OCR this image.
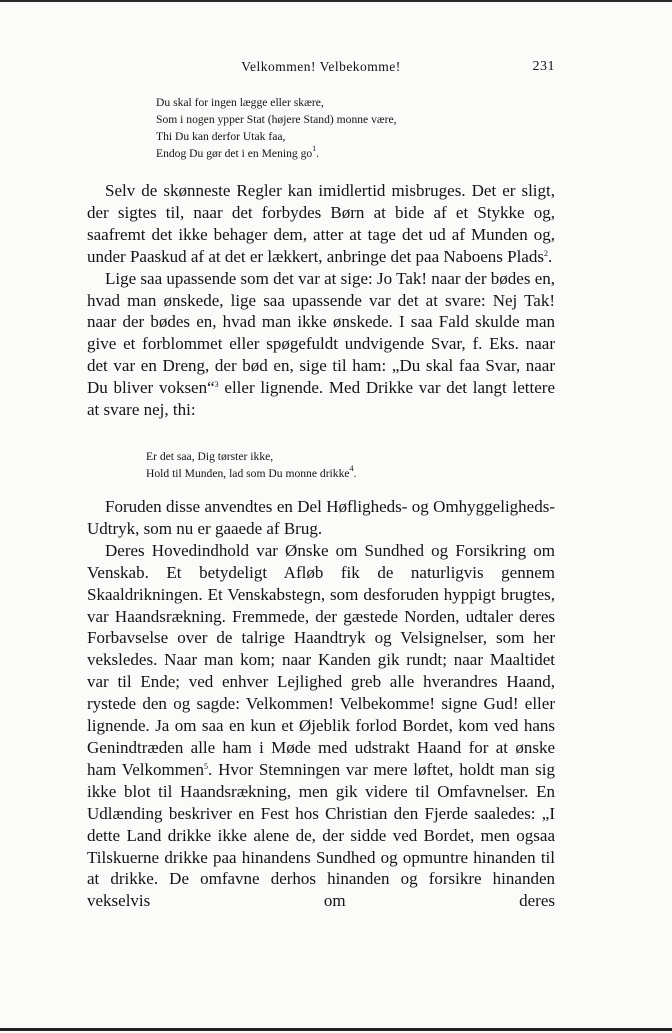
Velkommen! Velbekomme!	231
Du skal for ingen lægge eller skære,
Som i nogen ypper Stat (højere Stand) monne være,
Thi Du kan derfor Utak faa,
Endog Du gør det i en Mening $go^1$.

Selv de skønneste Regler kan imidlertid misbruges. Det er sligt, der sigtes til, naar det forbydes Børn at bide af et Stykke og, saafremt det ikke behager dem, atter at tage det ud af Munden og, under Paaskud af at det er lækkert, anbringe det paa Naboens Plads$^2$.

Lige saa upassende som det var at sige: Jo Tak! naar der bødes en, hvad man ønskede, lige saa upassende var det at svare: Nej Tak! naar der bødes en, hvad man ikke ønskede. I saa Fald skulde man give et forblommet eller spøgefuldt undvigende Svar, f. Eks. naar det var en Dreng, der bød en, sige til ham: „Du skal faa Svar, naar Du bliver voksen“$^3$ eller lignende. Med Drikke var det langt lettere at svare nej, thi:

Er det saa, Dig tørster ikke,
Hold til Munden, lad som Du monne drikke$^4$.

Foruden disse anvendtes en Del Høfligheds- og Omhyggeligheds-Udtryk, som nu er gaaede af Brug.

Deres Hovedindhold var Ønske om Sundhed og Forsikring om Venskab. Et betydeligt Afløb fik de naturligvis gennem Skaaldrikningen. Et Venskabstegn, som desforuden hyppigt brugtes, var Haandsrækning. Fremmede, der gæstede Norden, udtaler deres Forbavselse over de talrige Haandtryk og Velsignelser, som her veksledes. Naar man kom; naar Kanden gik rundt; naar Maaltidet var til Ende; ved enhver Lejlighed greb alle hverandres Haand, rystede den og sagde: Velkommen! Velbekomme! signe Gud! eller lignende. Ja om saa en kun et Øjeblik forlod Bordet, kom ved hans Genindtræden alle ham i Møde med udstrakt Haand for at ønske ham Velkommen$^5$. Hvor Stemningen var mere løftet, holdt man sig ikke blot til Haandsrækning, men gik videre til Omfavnelser. En Udlænding beskriver en Fest hos Christian den Fjerde saaledes: „I dette Land drikke ikke alene de, der sidde ved Bordet, men ogsaa Tilskuerne drikke paa hinandens Sundhed og opmuntre hinanden til at drikke. De omfavne derhos hinanden og forsikre hinanden vekselvis om deres
